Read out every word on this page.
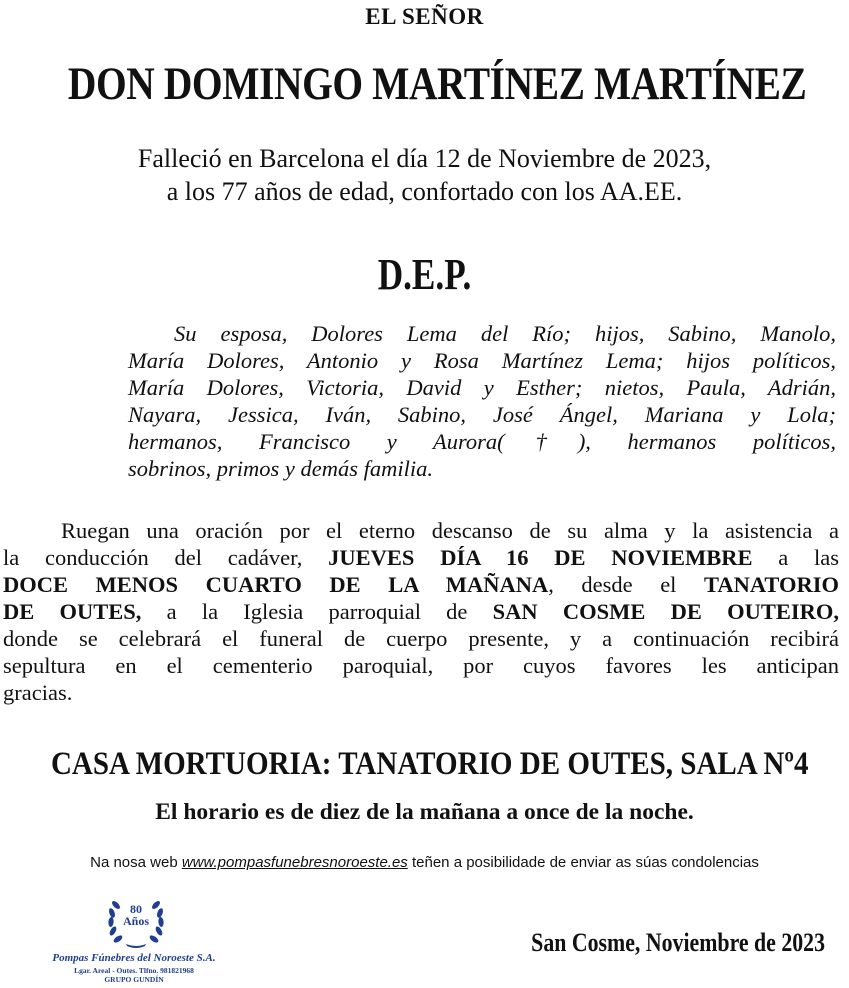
EL SEÑOR
DON DOMINGO MARTÍNEZ MARTÍNEZ
Falleció en Barcelona el día 12 de Noviembre de 2023,
a los 77 años de edad, confortado con los AA.EE.
D.E.P.
Su esposa, Dolores Lema del Río; hijos, Sabino, Manolo,
María Dolores, Antonio y Rosa Martínez Lema; hijos políticos,
María Dolores, Victoria, David y Esther; nietos, Paula, Adrián,
Nayara, Jessica, Iván, Sabino, José Ángel, Mariana y Lola;
hermanos, Francisco y Aurora(†), hermanos políticos,
sobrinos, primos y demás familia.
Ruegan una oración por el eterno descanso de su alma y la asistencia a
la conducción del cadáver, JUEVES DÍA 16 DE NOVIEMBRE a las
DOCE MENOS CUARTO DE LA MAÑANA, desde el TANATORIO
DE OUTES, a la Iglesia parroquial de SAN COSME DE OUTEIRO,
donde se celebrará el funeral de cuerpo presente, y a continuación recibirá
sepultura en el cementerio paroquial, por cuyos favores les anticipan
gracias.
CASA MORTUORIA: TANATORIO DE OUTES, SALA Nº4
El horario es de diez de la mañana a once de la noche.
Na nosa web www.pompasfunebresnoroeste.es teñen a posibilidade de enviar as súas condolencias
80
Años
Pompas Fúnebres del Noroeste S.A.
Lgar. Areal - Outes. Tlfno. 981821968
GRUPO GUNDÍN
San Cosme, Noviembre de 2023
